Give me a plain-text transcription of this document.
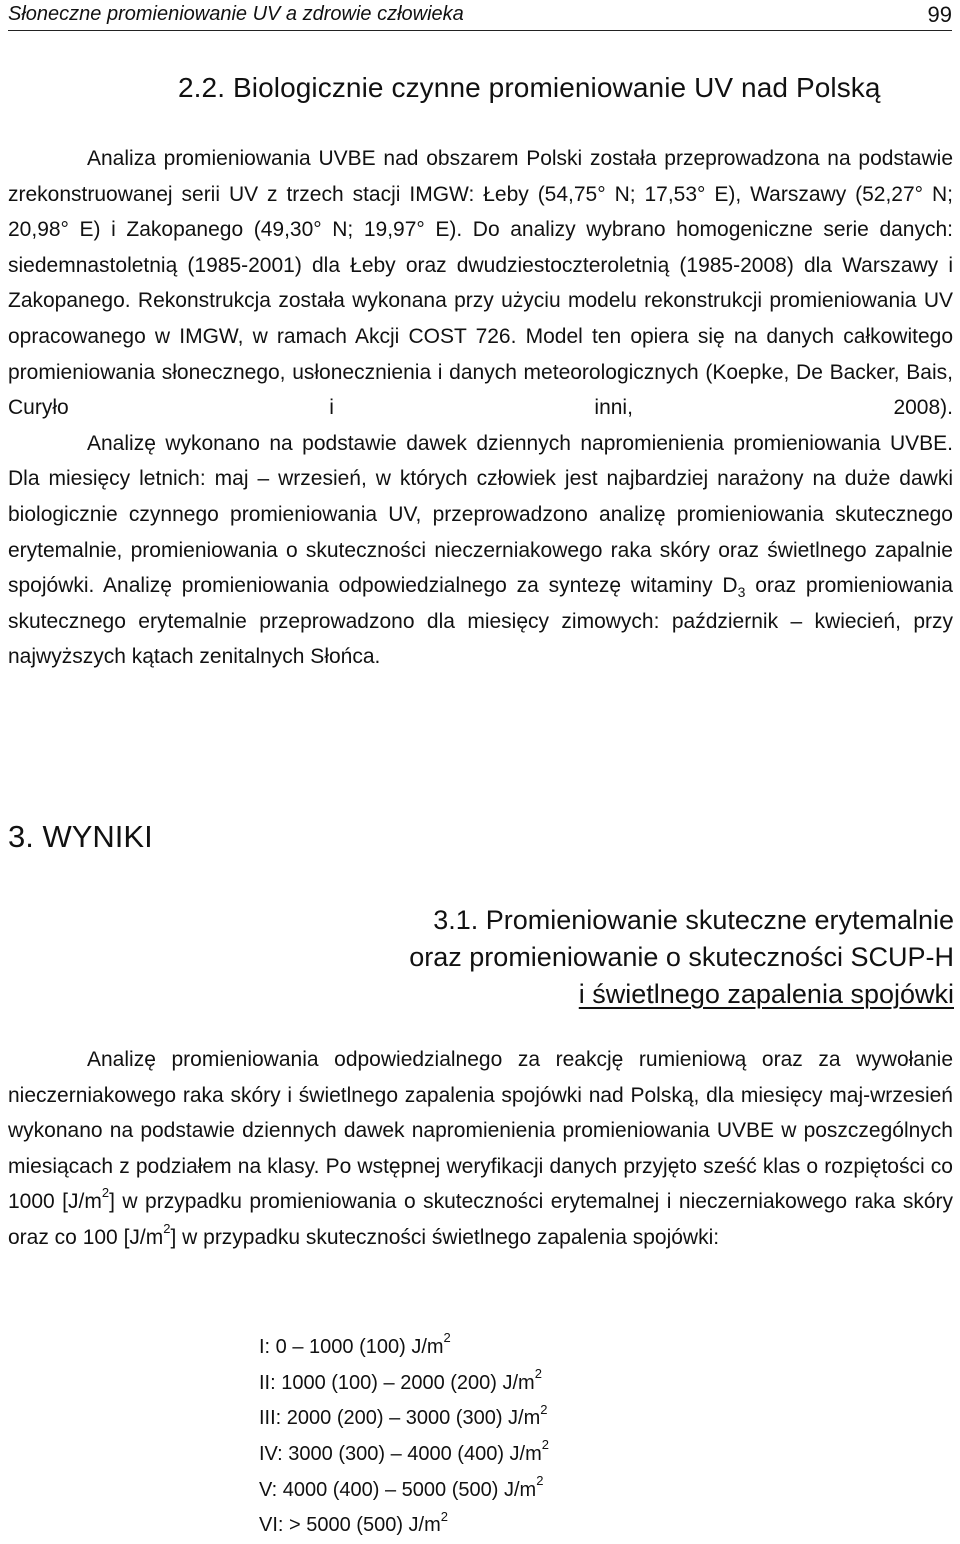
Słoneczne promieniowanie UV a zdrowie człowieka	99
2.2. Biologicznie czynne promieniowanie UV nad Polską

Analiza promieniowania UVBE nad obszarem Polski została przeprowadzona na podstawie zrekonstruowanej serii UV z trzech stacji IMGW: Łeby (54,75° N; 17,53° E), Warszawy (52,27° N; 20,98° E) i Zakopanego (49,30° N; 19,97° E). Do analizy wybrano homogeniczne serie danych: siedemnastoletnią (1985-2001) dla Łeby oraz dwudziestoczteroletnią (1985-2008) dla Warszawy i Zakopanego. Rekonstrukcja została wykonana przy użyciu modelu rekonstrukcji promieniowania UV opracowanego w IMGW, w ramach Akcji COST 726. Model ten opiera się na danych całkowitego promieniowania słonecznego, usłonecznienia i danych meteorologicznych (Koepke, De Backer, Bais, Curyło i inni, 2008).

Analizę wykonano na podstawie dawek dziennych napromienienia promieniowania UVBE. Dla miesięcy letnich: maj – wrzesień, w których człowiek jest najbardziej narażony na duże dawki biologicznie czynnego promieniowania UV, przeprowadzono analizę promieniowania skutecznego erytemalnie, promieniowania o skuteczności nieczerniakowego raka skóry oraz świetlnego zapalnie spojówki. Analizę promieniowania odpowiedzialnego za syntezę witaminy $D_3$ oraz promieniowania skutecznego erytemalnie przeprowadzono dla miesięcy zimowych: październik – kwiecień, przy najwyższych kątach zenitalnych Słońca.

3. WYNIKI
3.1. Promieniowanie skuteczne erytemalnie
oraz promieniowanie o skuteczności SCUP-H
i świetlnego zapalenia spojówki

Analizę promieniowania odpowiedzialnego za reakcję rumieniową oraz za wywołanie nieczerniakowego raka skóry i świetlnego zapalenia spojówki nad Polską, dla miesięcy maj-wrzesień wykonano na podstawie dziennych dawek napromienienia promieniowania UVBE w poszczególnych miesiącach z podziałem na klasy. Po wstępnej weryfikacji danych przyjęto sześć klas o rozpiętości co 1000 $[J/m^2]$ w przypadku promieniowania o skuteczności erytemalnej i nieczerniakowego raka skóry oraz co 100 $[J/m^2]$ w przypadku skuteczności świetlnego zapalenia spojówki:

I: 0 – 1000 (100) $J/m^2$
II: 1000 (100) – 2000 (200) $J/m^2$
III: 2000 (200) – 3000 (300) $J/m^2$
IV: 3000 (300) – 4000 (400) $J/m^2$
V: 4000 (400) – 5000 (500) $J/m^2$
VI: > 5000 (500) $J/m^2$
